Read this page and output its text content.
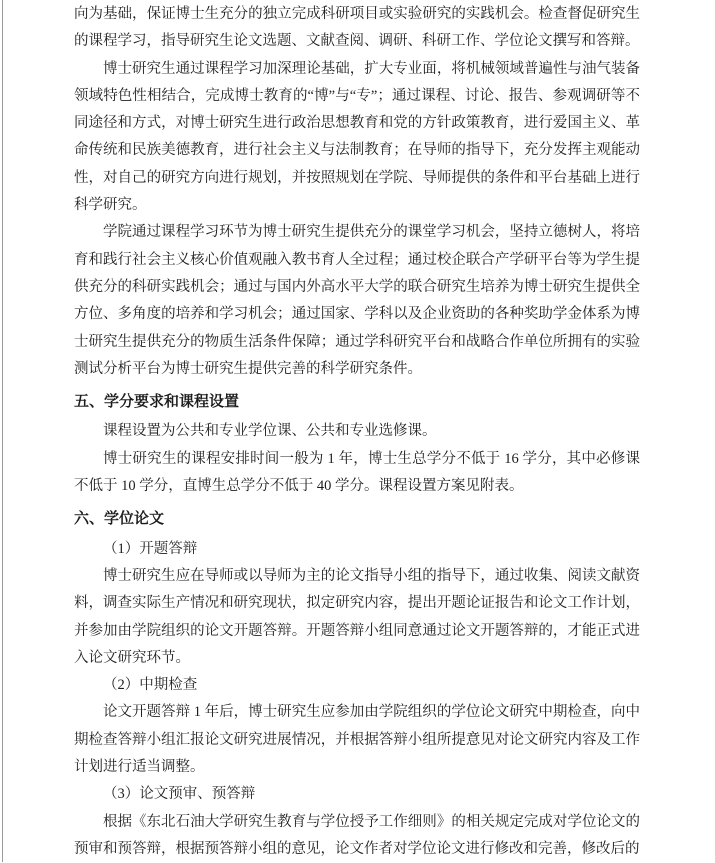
向为基础，保证博士生充分的独立完成科研项目或实验研究的实践机会。检查督促研究生的课程学习，指导研究生论文选题、文献查阅、调研、科研工作、学位论文撰写和答辩。

博士研究生通过课程学习加深理论基础，扩大专业面，将机械领域普遍性与油气装备领域特色性相结合，完成博士教育的“博”与“专”；通过课程、讨论、报告、参观调研等不同途径和方式，对博士研究生进行政治思想教育和党的方针政策教育，进行爱国主义、革命传统和民族美德教育，进行社会主义与法制教育；在导师的指导下，充分发挥主观能动性，对自己的研究方向进行规划，并按照规划在学院、导师提供的条件和平台基础上进行科学研究。

学院通过课程学习环节为博士研究生提供充分的课堂学习机会，坚持立德树人，将培育和践行社会主义核心价值观融入教书育人全过程；通过校企联合产学研平台等为学生提供充分的科研实践机会；通过与国内外高水平大学的联合研究生培养为博士研究生提供全方位、多角度的培养和学习机会；通过国家、学科以及企业资助的各种奖助学金体系为博士研究生提供充分的物质生活条件保障；通过学科研究平台和战略合作单位所拥有的实验测试分析平台为博士研究生提供完善的科学研究条件。

五、学分要求和课程设置

课程设置为公共和专业学位课、公共和专业选修课。

博士研究生的课程安排时间一般为 1 年，博士生总学分不低于 16 学分，其中必修课不低于 10 学分，直博生总学分不低于 40 学分。课程设置方案见附表。

六、学位论文

（1）开题答辩

博士研究生应在导师或以导师为主的论文指导小组的指导下，通过收集、阅读文献资料，调查实际生产情况和研究现状，拟定研究内容，提出开题论证报告和论文工作计划，并参加由学院组织的论文开题答辩。开题答辩小组同意通过论文开题答辩的，才能正式进入论文研究环节。

（2）中期检查

论文开题答辩 1 年后，博士研究生应参加由学院组织的学位论文研究中期检查，向中期检查答辩小组汇报论文研究进展情况，并根据答辩小组所提意见对论文研究内容及工作计划进行适当调整。

（3）论文预审、预答辩

根据《东北石油大学研究生教育与学位授予工作细则》的相关规定完成对学位论文的预审和预答辩，根据预答辩小组的意见，论文作者对学位论文进行修改和完善，修改后的
